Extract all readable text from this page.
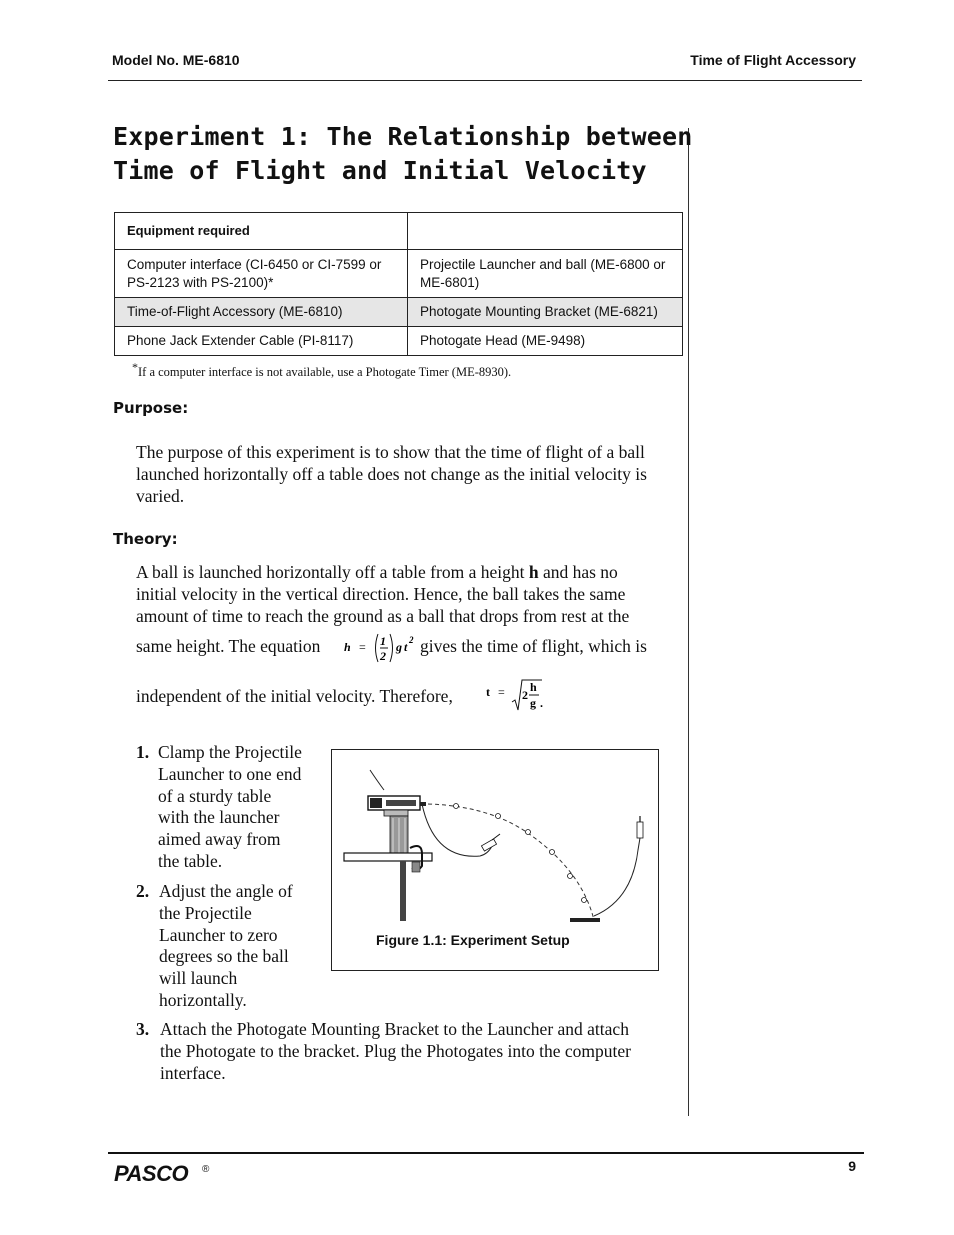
Model No. ME-6810	Time of Flight Accessory
Experiment 1: The Relationship between
Time of Flight and Initial Velocity
Equipment required	
Computer interface (CI-6450 or CI-7599 or PS-2123 with PS-2100)*	Projectile Launcher and ball (ME-6800 or ME-6801)
Time-of-Flight Accessory (ME-6810)	Photogate Mounting Bracket (ME-6821)
Phone Jack Extender Cable (PI-8117)	Photogate Head (ME-9498)
*If a computer interface is not available, use a Photogate Timer (ME-8930).
Purpose:
The purpose of this experiment is to show that the time of flight of a ball launched horizontally off a table does not change as the initial velocity is varied.
Theory:
A ball is launched horizontally off a table from a height h and has no
initial velocity in the vertical direction. Hence, the ball takes the same
amount of time to reach the ground as a ball that drops from rest at the
same height. The equation h = 1
2
g t 2 gives the time of flight, which is
independent of the initial velocity. Therefore,	t = 2
h
g .
1. Clamp the Projectile
Launcher to one end
of a sturdy table
with the launcher
aimed away from
the table.
2. Adjust the angle of
the Projectile
Launcher to zero
degrees so the ball
will launch
horizontally.
3. Attach the Photogate Mounting Bracket to the Launcher and attach
the Photogate to the bracket. Plug the Photogates into the computer
interface.
Figure 1.1: Experiment Setup
PASCO ®	9
